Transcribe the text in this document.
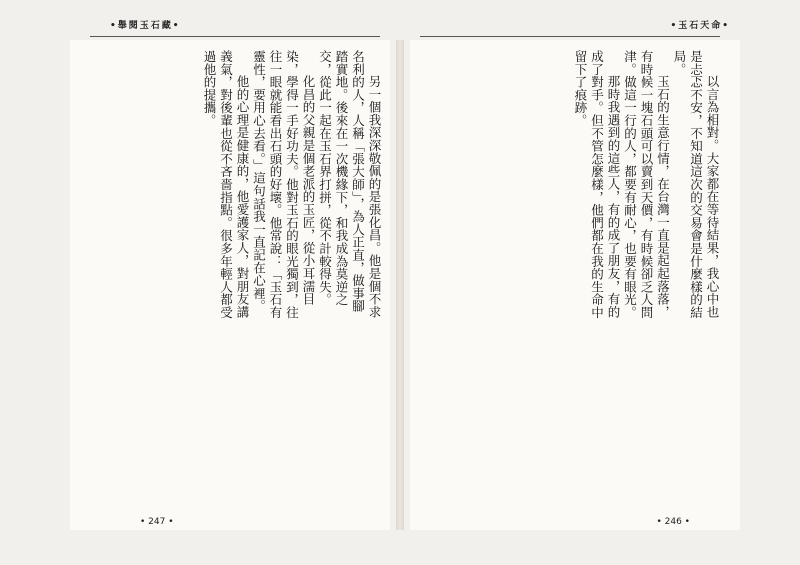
•舉閱玉石藏•	•玉石天命•

另一個我深深敬佩的是張化昌。他是個不求名利的人，人稱「張大師」，為人正直，做事腳踏實地。後來在一次機緣下，和我成為莫逆之交，從此一起在玉石界打拼，從不計較得失。

化昌的父親是個老派的玉匠，從小耳濡目染，學得一手好功夫。他對玉石的眼光獨到，往往一眼就能看出石頭的好壞。他常說：「玉石有靈性，要用心去看。」這句話我一直記在心裡。

他的心理是健康的，他愛護家人，對朋友講義氣，對後輩也從不吝嗇指點。很多年輕人都受過他的提攜。	以言為相對。大家都在等待結果，我心中也是忐忑不安，不知道這次的交易會是什麼樣的結局。

玉石的生意行情，在台灣一直是起起落落，有時候一塊石頭可以賣到天價，有時候卻乏人問津。做這一行的人，都要有耐心，也要有眼光。

那時我遇到的這些人，有的成了朋友，有的成了對手。但不管怎麼樣，他們都在我的生命中留下了痕跡。

• 247 •	• 246 •
